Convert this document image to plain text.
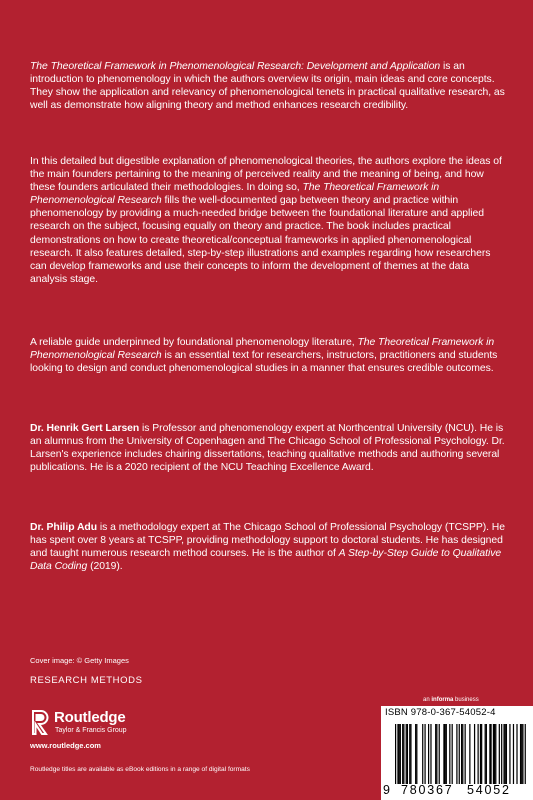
The Theoretical Framework in Phenomenological Research: Development and Application is an introduction to phenomenology in which the authors overview its origin, main ideas and core concepts. They show the application and relevancy of phenomenological tenets in practical qualitative research, as well as demonstrate how aligning theory and method enhances research credibility.

In this detailed but digestible explanation of phenomenological theories, the authors explore the ideas of the main founders pertaining to the meaning of perceived reality and the meaning of being, and how these founders articulated their methodologies. In doing so, The Theoretical Framework in Phenomenological Research fills the well-documented gap between theory and practice within phenomenology by providing a much-needed bridge between the foundational literature and applied research on the subject, focusing equally on theory and practice. The book includes practical demonstrations on how to create theoretical/conceptual frameworks in applied phenomenological research. It also features detailed, step-by-step illustrations and examples regarding how researchers can develop frameworks and use their concepts to inform the development of themes at the data analysis stage.

A reliable guide underpinned by foundational phenomenology literature, The Theoretical Framework in Phenomenological Research is an essential text for researchers, instructors, practitioners and students looking to design and conduct phenomenological studies in a manner that ensures credible outcomes.

Dr. Henrik Gert Larsen is Professor and phenomenology expert at Northcentral University (NCU). He is an alumnus from the University of Copenhagen and The Chicago School of Professional Psychology. Dr. Larsen's experience includes chairing dissertations, teaching qualitative methods and authoring several publications. He is a 2020 recipient of the NCU Teaching Excellence Award.

Dr. Philip Adu is a methodology expert at The Chicago School of Professional Psychology (TCSPP). He has spent over 8 years at TCSPP, providing methodology support to doctoral students. He has designed and taught numerous research method courses. He is the author of A Step-by-Step Guide to Qualitative Data Coding (2019).

Cover image: © Getty Images
RESEARCH METHODS
Routledge
Taylor & Francis Group
www.routledge.com
Routledge titles are available as eBook editions in a range of digital formats
an informa business
ISBN 978-0-367-54052-4
9 780367 54052
